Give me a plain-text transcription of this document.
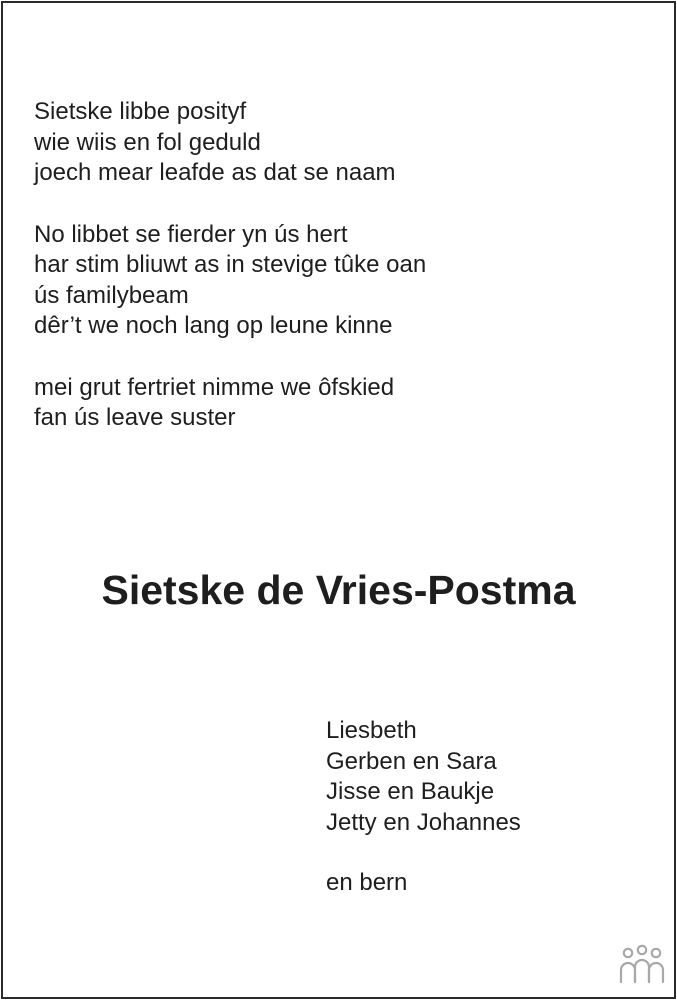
Sietske libbe posityf
wie wiis en fol geduld
joech mear leafde as dat se naam
No libbet se fierder yn ús hert
har stim bliuwt as in stevige tûke oan
ús familybeam
dêr’t we noch lang op leune kinne
mei grut fertriet nimme we ôfskied
fan ús leave suster
Sietske de Vries-Postma
Liesbeth
Gerben en Sara
Jisse en Baukje
Jetty en Johannes
en bern
